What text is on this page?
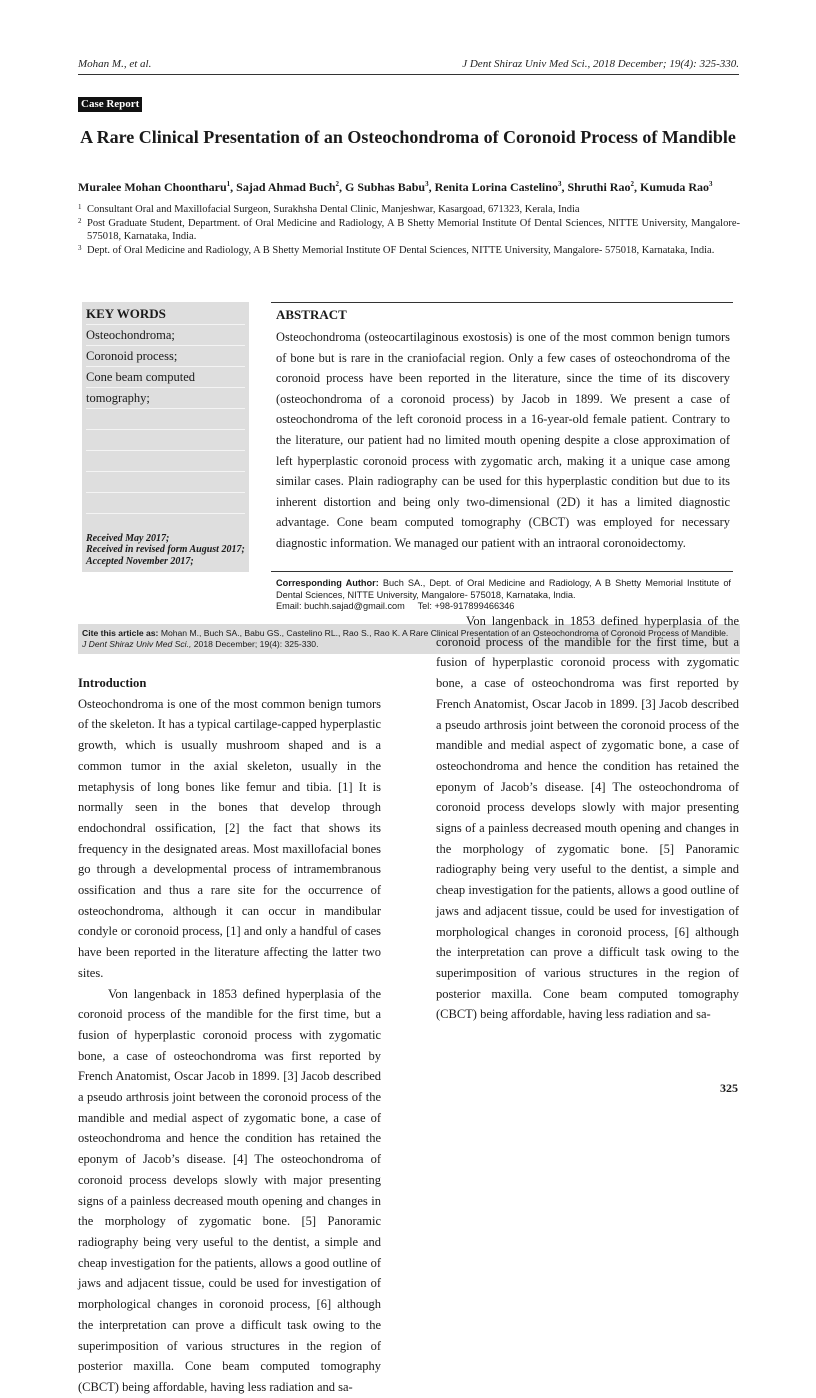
Mohan M., et al.	J Dent Shiraz Univ Med Sci., 2018 December; 19(4): 325-330.
Case Report
A Rare Clinical Presentation of an Osteochondroma of Coronoid Process of Mandible
Muralee Mohan Choontharu$^1$, Sajad Ahmad Buch$^2$, G Subhas Babu$^3$, Renita Lorina Castelino$^3$, Shruthi Rao$^2$, Kumuda Rao$^3$
1 Consultant Oral and Maxillofacial Surgeon, Surakhsha Dental Clinic, Manjeshwar, Kasargoad, 671323, Kerala, India
2 Post Graduate Student, Department. of Oral Medicine and Radiology, A B Shetty Memorial Institute Of Dental Sciences, NITTE University, Mangalore- 575018, Karnataka, India.
3 Dept. of Oral Medicine and Radiology, A B Shetty Memorial Institute OF Dental Sciences, NITTE University, Mangalore- 575018, Karnataka, India.
KEY WORDS
Osteochondroma;
Coronoid process;
Cone beam computed
tomography;
Received May 2017;
Received in revised form August 2017;
Accepted November 2017;
ABSTRACT
Osteochondroma (osteocartilaginous exostosis) is one of the most common benign tumors of bone but is rare in the craniofacial region. Only a few cases of osteochondroma of the coronoid process have been reported in the literature, since the time of its discovery (osteochondroma of a coronoid process) by Jacob in 1899. We present a case of osteochondroma of the left coronoid process in a 16-year-old female patient. Contrary to the literature, our patient had no limited mouth opening despite a close approximation of left hyperplastic coronoid process with zygomatic arch, making it a unique case among similar cases. Plain radiography can be used for this hyperplastic condition but due to its inherent distortion and being only two-dimensional (2D) it has a limited diagnostic advantage. Cone beam computed tomography (CBCT) was employed for necessary diagnostic information. We managed our patient with an intraoral coronoidectomy.
Corresponding Author: Buch SA., Dept. of Oral Medicine and Radiology, A B Shetty Memorial Institute of Dental Sciences, NITTE University, Mangalore- 575018, Karnataka, India.
Email: buchh.sajad@gmail.com Tel: +98-917899466346
Cite this article as: Mohan M., Buch SA., Babu GS., Castelino RL., Rao S., Rao K. A Rare Clinical Presentation of an Osteochondroma of Coronoid Process of Mandible.
J Dent Shiraz Univ Med Sci., 2018 December; 19(4): 325-330.
Introduction

Osteochondroma is one of the most common benign tumors of the skeleton. It has a typical cartilage-capped hyperplastic growth, which is usually mushroom shaped and is a common tumor in the axial skeleton, usually in the metaphysis of long bones like femur and tibia. [1] It is normally seen in the bones that develop through endochondral ossification, [2] the fact that shows its frequency in the designated areas. Most maxillofacial bones go through a developmental process of intramembranous ossification and thus a rare site for the occurrence of osteochondroma, although it can occur in mandibular condyle or coronoid process, [1] and only a handful of cases have been reported in the literature affecting the latter two sites.

Von langenback in 1853 defined hyperplasia of the coronoid process of the mandible for the first time, but a fusion of hyperplastic coronoid process with zygomatic bone, a case of osteochondroma was first reported by French Anatomist, Oscar Jacob in 1899. [3] Jacob described a pseudo arthrosis joint between the coronoid process of the mandible and medial aspect of zygomatic bone, a case of osteochondroma and hence the condition has retained the eponym of Jacob’s disease. [4] The osteochondroma of coronoid process develops slowly with major presenting signs of a painless decreased mouth opening and changes in the morphology of zygomatic bone. [5] Panoramic radiography being very useful to the dentist, a simple and cheap investigation for the patients, allows a good outline of jaws and adjacent tissue, could be used for investigation of morphological changes in coronoid process, [6] although the interpretation can prove a difficult task owing to the superimposition of various structures in the region of posterior maxilla. Cone beam computed tomography (CBCT) being affordable, having less radiation and sa-

Von langenback in 1853 defined hyperplasia of the coronoid process of the mandible for the first time, but a fusion of hyperplastic coronoid process with zygomatic bone, a case of osteochondroma was first reported by French Anatomist, Oscar Jacob in 1899. [3] Jacob described a pseudo arthrosis joint between the coronoid process of the mandible and medial aspect of zygomatic bone, a case of osteochondroma and hence the condition has retained the eponym of Jacob’s disease. [4] The osteochondroma of coronoid process develops slowly with major presenting signs of a painless decreased mouth opening and changes in the morphology of zygomatic bone. [5] Panoramic radiography being very useful to the dentist, a simple and cheap investigation for the patients, allows a good outline of jaws and adjacent tissue, could be used for investigation of morphological changes in coronoid process, [6] although the interpretation can prove a difficult task owing to the superimposition of various structures in the region of posterior maxilla. Cone beam computed tomography (CBCT) being affordable, having less radiation and sa-

325
